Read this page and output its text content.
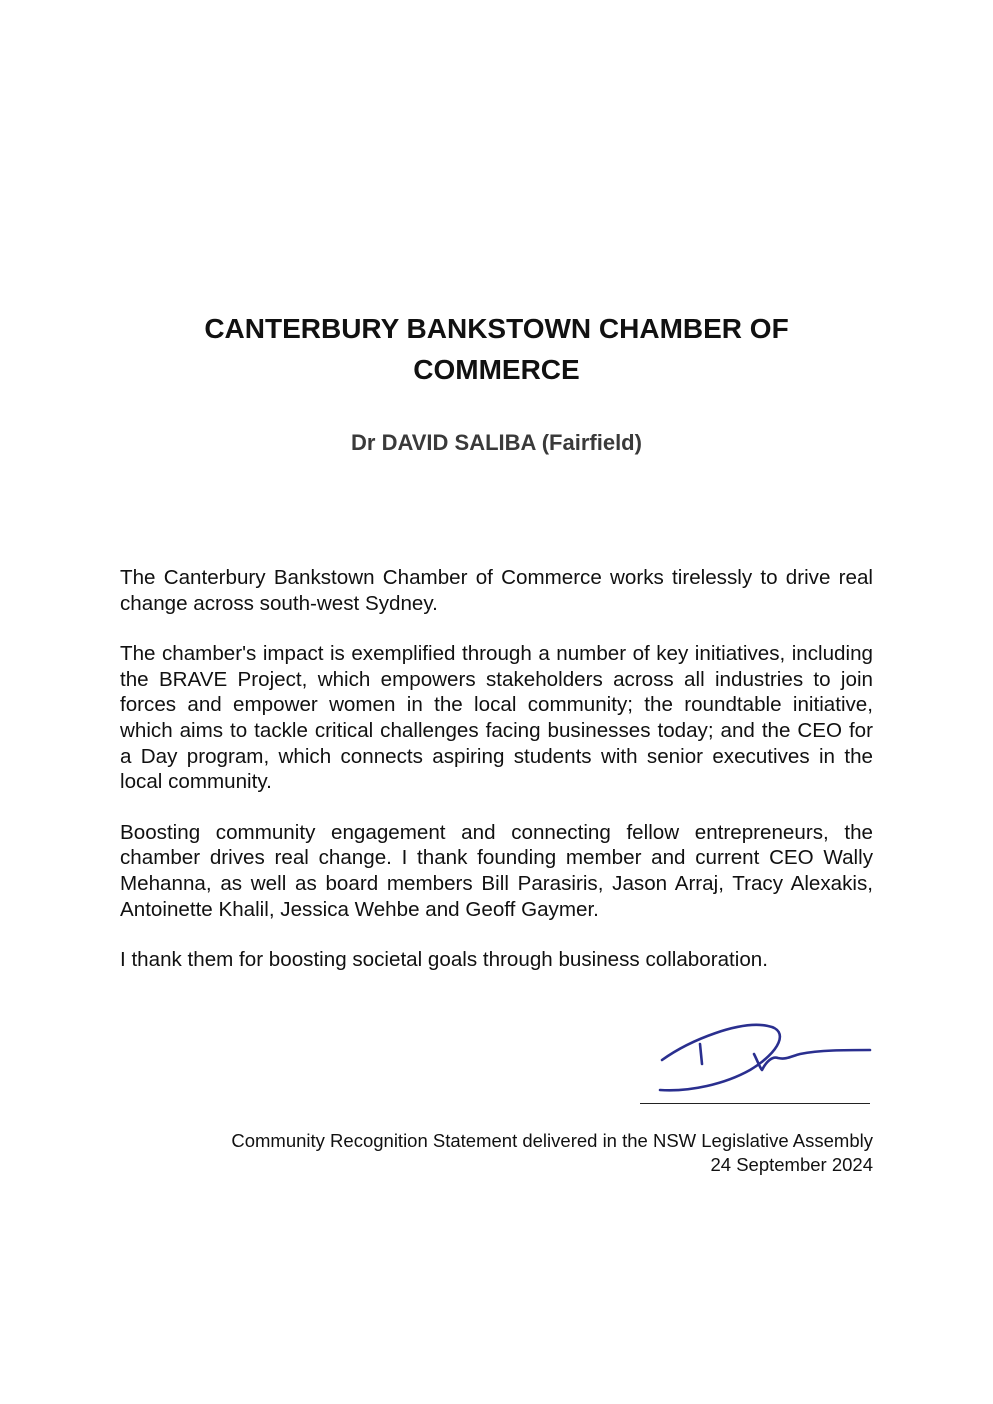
CANTERBURY BANKSTOWN CHAMBER OF COMMERCE
Dr DAVID SALIBA (Fairfield)

The Canterbury Bankstown Chamber of Commerce works tirelessly to drive real change across south-west Sydney.

The chamber's impact is exemplified through a number of key initiatives, including the BRAVE Project, which empowers stakeholders across all industries to join forces and empower women in the local community; the roundtable initiative, which aims to tackle critical challenges facing businesses today; and the CEO for a Day program, which connects aspiring students with senior executives in the local community.

Boosting community engagement and connecting fellow entrepreneurs, the chamber drives real change. I thank founding member and current CEO Wally Mehanna, as well as board members Bill Parasiris, Jason Arraj, Tracy Alexakis, Antoinette Khalil, Jessica Wehbe and Geoff Gaymer.

I thank them for boosting societal goals through business collaboration.

Community Recognition Statement delivered in the NSW Legislative Assembly
24 September 2024
